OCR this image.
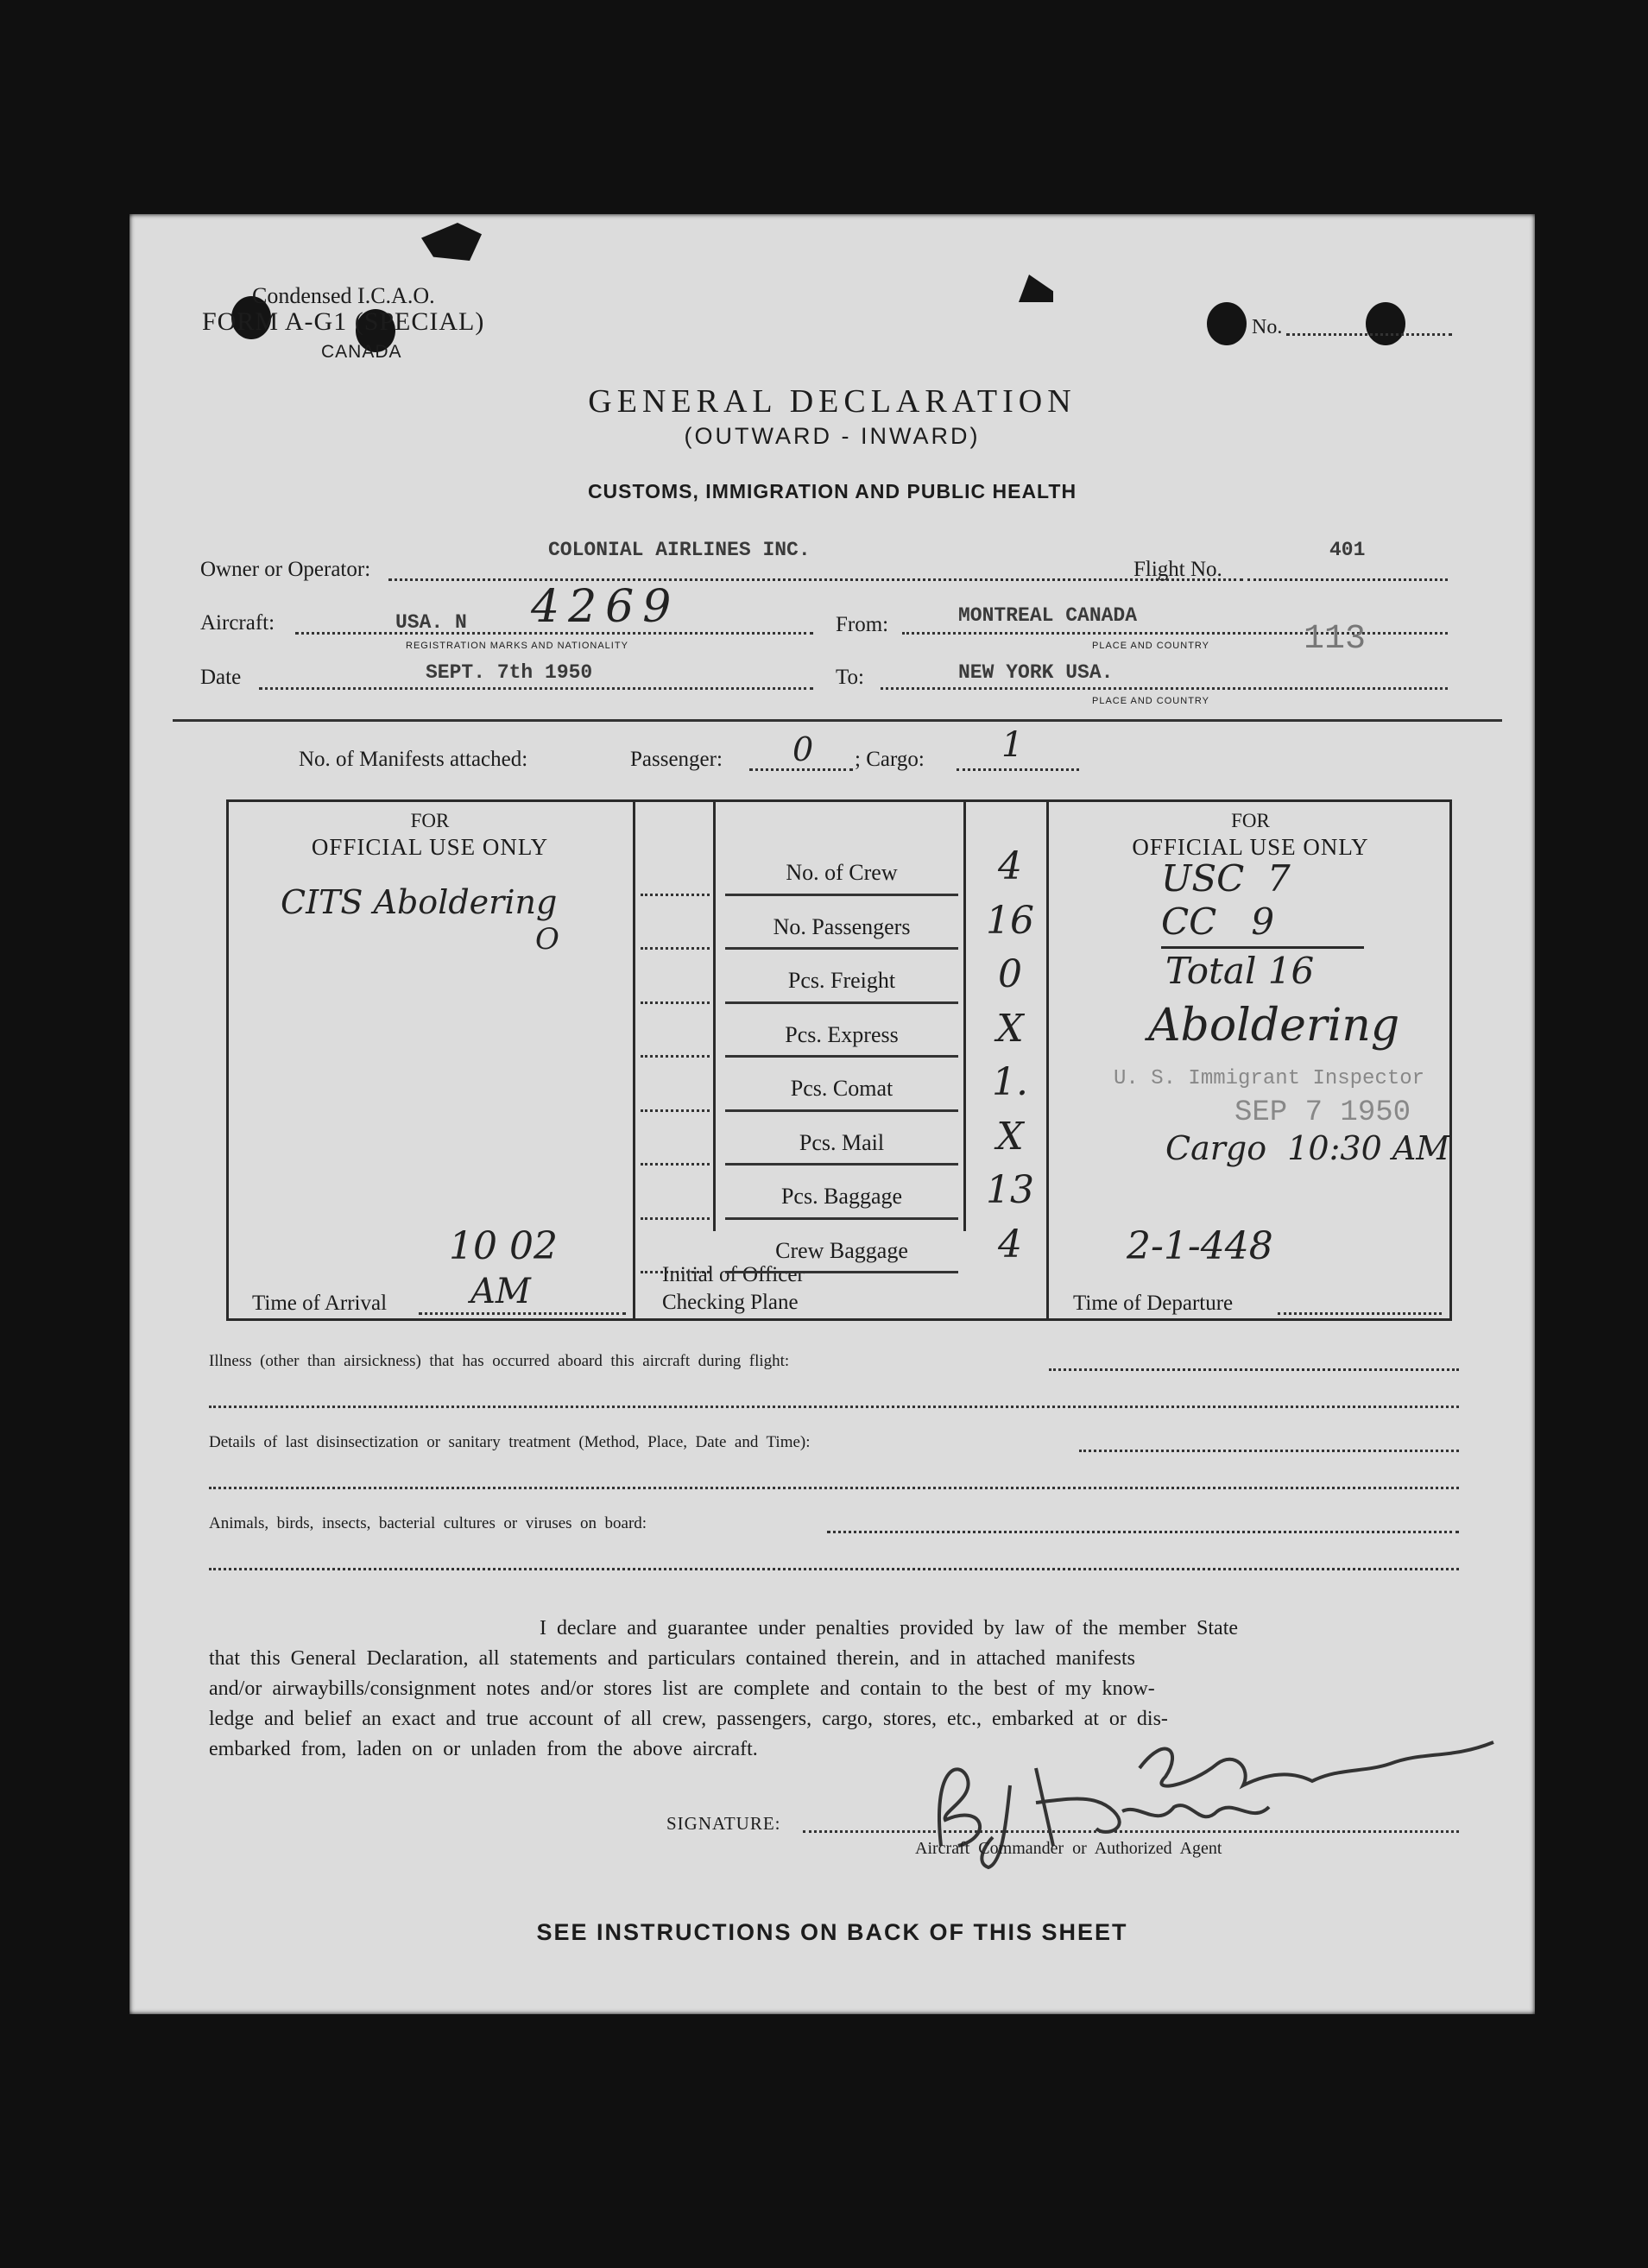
Condensed I.C.A.O.
FORM A-G1 (SPECIAL)
CANADA
No.
GENERAL DECLARATION
(OUTWARD - INWARD)
CUSTOMS, IMMIGRATION AND PUBLIC HEALTH
Owner or Operator:
COLONIAL AIRLINES INC.
Flight No.
401
Aircraft:	USA. N 4269
REGISTRATION MARKS AND NATIONALITY
From:	MONTREAL CANADA
PLACE AND COUNTRY	113
Date	SEPT. 7th 1950	To:	NEW YORK USA.
PLACE AND COUNTRY
No. of Manifests attached:	Passenger: 0 ; Cargo: 1
FOR
OFFICIAL USE ONLY
CITS Aboldering
O
FOR
OFFICIAL USE ONLY
USC  7
CC   9
Total 16
Aboldering
U. S. Immigrant Inspector
SEP 7 1950
Cargo  10:30 AM
2-1-448
Time of Arrival
10 02
AM	Initial of Officer
Checking Plane	Time of Departure
Illness  (other  than  airsickness)  that  has  occurred  aboard  this  aircraft  during  flight:
Details  of  last  disinsectization  or  sanitary  treatment  (Method,  Place,  Date  and  Time):
Animals,  birds,  insects,  bacterial  cultures  or  viruses  on  board:
I  declare  and  guarantee  under  penalties  provided  by  law  of  the  member  State
that  this  General  Declaration,  all  statements  and  particulars  contained  therein,  and  in  attached  manifests
and/or  airwaybills/consignment  notes  and/or  stores  list  are  complete  and  contain  to  the  best  of  my  know-
ledge  and  belief  an  exact  and  true  account  of  all  crew,  passengers,  cargo,  stores,  etc.,  embarked  at  or  dis-
embarked  from,  laden  on  or  unladen  from  the  above  aircraft.
SIGNATURE:
Aircraft  Commander  or  Authorized  Agent
SEE INSTRUCTIONS ON BACK OF THIS SHEET
No. of Crew	4
No. Passengers	16
Pcs. Freight	0
Pcs. Express	X
Pcs. Comat	1.
Pcs. Mail	X
Pcs. Baggage	13
Crew Baggage	4
